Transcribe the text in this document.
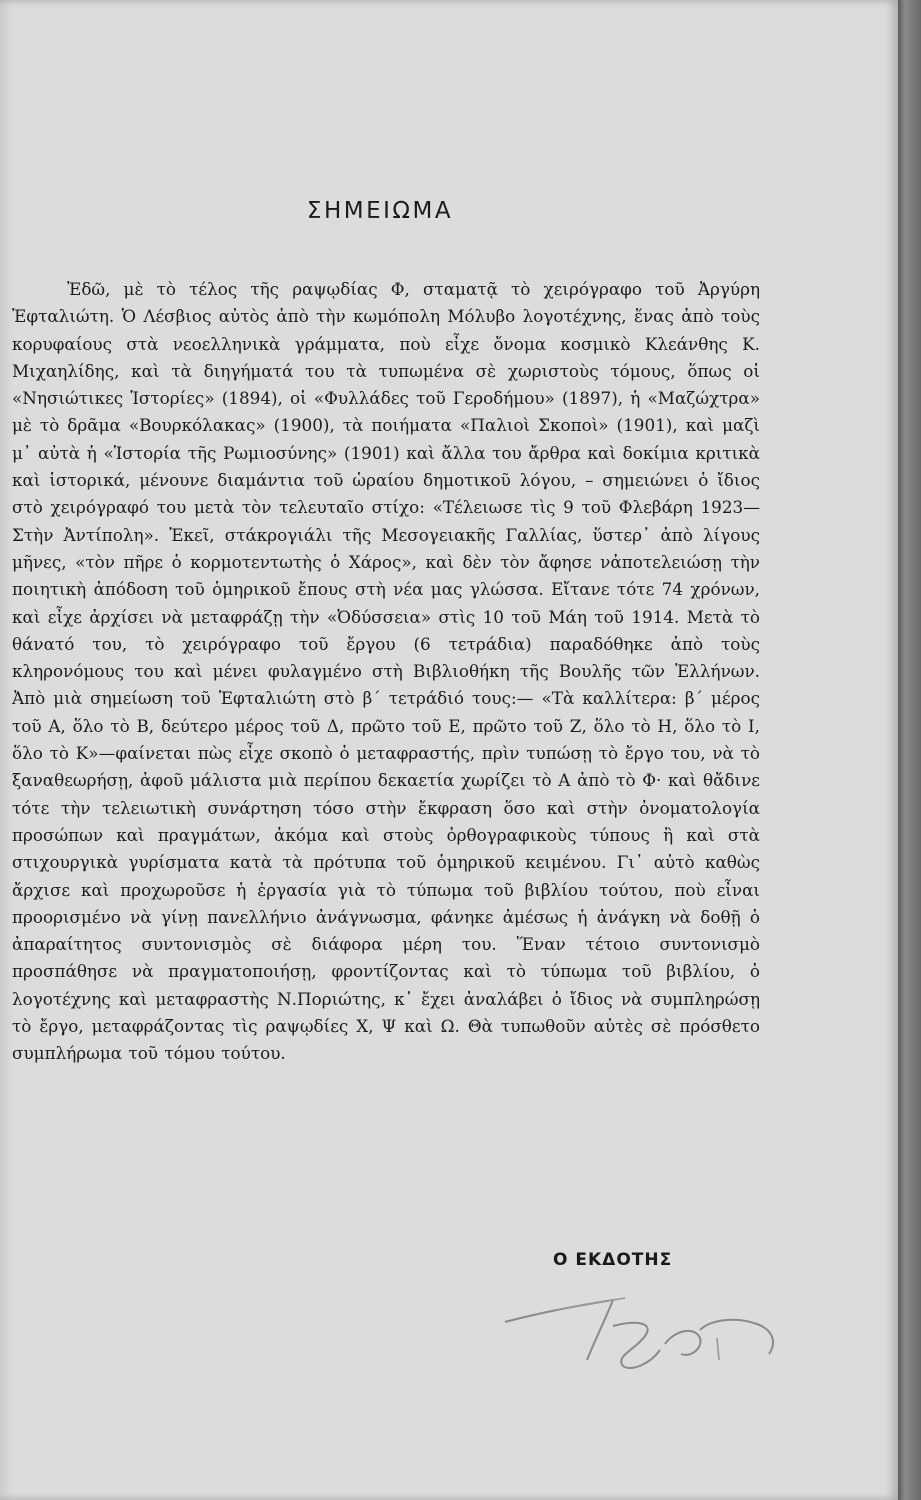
ΣΗΜΕΙΩΜΑ

Ἐδῶ, μὲ τὸ τέλος τῆς ραψῳδίας Φ, σταματᾷ τὸ χειρόγραφο τοῦ Ἀργύρη Ἐφταλιώτη. Ὁ Λέσβιος αὐτὸς ἀπὸ τὴν κωμόπολη Μόλυβο λογοτέχνης, ἕνας ἀπὸ τοὺς κορυφαίους στὰ νεοελληνικὰ γράμματα, ποὺ εἶχε ὄνομα κοσμικὸ Κλεάνθης Κ. Μιχαηλίδης, καὶ τὰ διηγήματά του τὰ τυπωμένα σὲ χωριστοὺς τόμους, ὅπως οἱ «Νησιώτικες Ἱστορίες» (1894), οἱ «Φυλλάδες τοῦ Γεροδήμου» (1897), ἡ «Μαζώχτρα» μὲ τὸ δρᾶμα «Βουρκόλακας» (1900), τὰ ποιήματα «Παλιοὶ Σκοποὶ» (1901), καὶ μαζὶ μ᾿ αὐτὰ ἡ «Ἱστορία τῆς Ρωμιοσύνης» (1901) καὶ ἄλλα του ἄρθρα καὶ δοκίμια κριτικὰ καὶ ἱστορικά, μένουνε διαμάντια τοῦ ὡραίου δημοτικοῦ λόγου, – σημειώνει ὁ ἴδιος στὸ χειρόγραφό του μετὰ τὸν τελευταῖο στίχο: «Τέλειωσε τὶς 9 τοῦ Φλεβάρη 1923—Στὴν Ἀντίπολη». Ἐκεῖ, στάκρογιάλι τῆς Μεσογειακῆς Γαλλίας, ὕστερ᾿ ἀπὸ λίγους μῆνες, «τὸν πῆρε ὁ κορμοτεντωτὴς ὁ Χάρος», καὶ δὲν τὸν ἄφησε νἀποτελειώσῃ τὴν ποιητικὴ ἀπόδοση τοῦ ὁμηρικοῦ ἔπους στὴ νέα μας γλώσσα. Εἴτανε τότε 74 χρόνων, καὶ εἶχε ἀρχίσει νὰ μεταφράζῃ τὴν «Ὀδύσσεια» στὶς 10 τοῦ Μάη τοῦ 1914. Μετὰ τὸ θάνατό του, τὸ χειρόγραφο τοῦ ἔργου (6 τετράδια) παραδόθηκε ἀπὸ τοὺς κληρονόμους του καὶ μένει φυλαγμένο στὴ Βιβλιοθήκη τῆς Βουλῆς τῶν Ἑλλήνων. Ἀπὸ μιὰ σημείωση τοῦ Ἐφταλιώτη στὸ β´ τετράδιό τους:— «Τὰ καλλίτερα: β´ μέρος τοῦ Α, ὅλο τὸ Β, δεύτερο μέρος τοῦ Δ, πρῶτο τοῦ Ε, πρῶτο τοῦ Ζ, ὅλο τὸ Η, ὅλο τὸ Ι, ὅλο τὸ Κ»—φαίνεται πὼς εἶχε σκοπὸ ὁ μεταφραστής, πρὶν τυπώσῃ τὸ ἔργο του, νὰ τὸ ξαναθεωρήσῃ, ἀφοῦ μάλιστα μιὰ περίπου δεκαετία χωρίζει τὸ Α ἀπὸ τὸ Φ· καὶ θἄδινε τότε τὴν τελειωτικὴ συνάρτηση τόσο στὴν ἔκφραση ὅσο καὶ στὴν ὀνοματολογία προσώπων καὶ πραγμάτων, ἀκόμα καὶ στοὺς ὀρθογραφικοὺς τύπους ἢ καὶ στὰ στιχουργικὰ γυρίσματα κατὰ τὰ πρότυπα τοῦ ὁμηρικοῦ κειμένου. Γι᾿ αὐτὸ καθὼς ἄρχισε καὶ προχωροῦσε ἡ ἐργασία γιὰ τὸ τύπωμα τοῦ βιβλίου τούτου, ποὺ εἶναι προορισμένο νὰ γίνῃ πανελλήνιο ἀνάγνωσμα, φάνηκε ἀμέσως ἡ ἀνάγκη νὰ δοθῇ ὁ ἀπαραίτητος συντονισμὸς σὲ διάφορα μέρη του. Ἕναν τέτοιο συντονισμὸ προσπάθησε νὰ πραγματοποιήσῃ, φροντίζοντας καὶ τὸ τύπωμα τοῦ βιβλίου, ὁ λογοτέχνης καὶ μεταφραστὴς Ν.Ποριώτης, κ᾿ ἔχει ἀναλάβει ὁ ἴδιος νὰ συμπληρώσῃ τὸ ἔργο, μεταφράζοντας τὶς ραψῳδίες Χ, Ψ καὶ Ω. Θὰ τυπωθοῦν αὐτὲς σὲ πρόσθετο συμπλήρωμα τοῦ τόμου τούτου.

Ο ΕΚΔΟΤΗΣ
